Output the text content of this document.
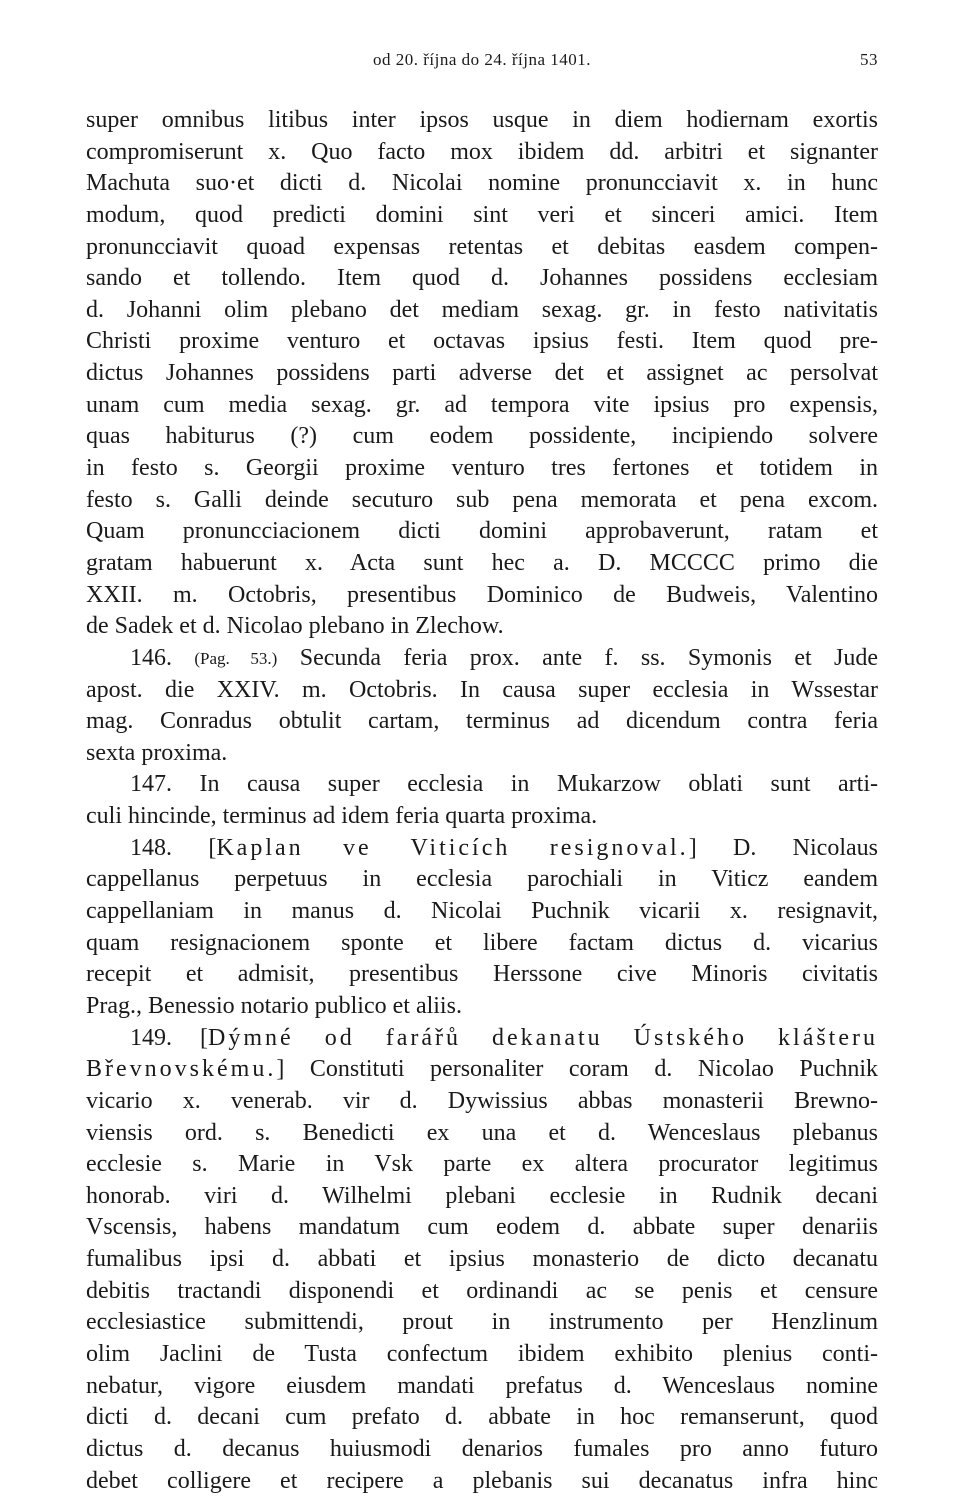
od 20. října do 24. října 1401.	53
super omnibus litibus inter ipsos usque in diem hodiernam exortis
compromiserunt x. Quo facto mox ibidem dd. arbitri et signanter
Machuta suo·et dicti d. Nicolai nomine pronuncciavit x. in hunc
modum, quod predicti domini sint veri et sinceri amici. Item
pronuncciavit quoad expensas retentas et debitas easdem compen-
sando et tollendo. Item quod d. Johannes possidens ecclesiam
d. Johanni olim plebano det mediam sexag. gr. in festo nativitatis
Christi proxime venturo et octavas ipsius festi. Item quod pre-
dictus Johannes possidens parti adverse det et assignet ac persolvat
unam cum media sexag. gr. ad tempora vite ipsius pro expensis,
quas habiturus (?) cum eodem possidente, incipiendo solvere
in festo s. Georgii proxime venturo tres fertones et totidem in
festo s. Galli deinde secuturo sub pena memorata et pena excom.
Quam pronuncciacionem dicti domini approbaverunt, ratam et
gratam habuerunt x. Acta sunt hec a. D. MCCCC primo die
XXII. m. Octobris, presentibus Dominico de Budweis, Valentino
de Sadek et d. Nicolao plebano in Zlechow.
146. (Pag. 53.) Secunda feria prox. ante f. ss. Symonis et Jude
apost. die XXIV. m. Octobris. In causa super ecclesia in Wssestar
mag. Conradus obtulit cartam, terminus ad dicendum contra feria
sexta proxima.
147. In causa super ecclesia in Mukarzow oblati sunt arti-
culi hincinde, terminus ad idem feria quarta proxima.
148. [Kaplan ve Viticích resignoval.] D. Nicolaus
cappellanus perpetuus in ecclesia parochiali in Viticz eandem
cappellaniam in manus d. Nicolai Puchnik vicarii x. resignavit,
quam resignacionem sponte et libere factam dictus d. vicarius
recepit et admisit, presentibus Herssone cive Minoris civitatis
Prag., Benessio notario publico et aliis.
149. [Dýmné od farářů dekanatu Ústského klášteru
Břevnovskému.] Constituti personaliter coram d. Nicolao Puchnik
vicario x. venerab. vir d. Dywissius abbas monasterii Brewno-
viensis ord. s. Benedicti ex una et d. Wenceslaus plebanus
ecclesie s. Marie in Vsk parte ex altera procurator legitimus
honorab. viri d. Wilhelmi plebani ecclesie in Rudnik decani
Vscensis, habens mandatum cum eodem d. abbate super denariis
fumalibus ipsi d. abbati et ipsius monasterio de dicto decanatu
debitis tractandi disponendi et ordinandi ac se penis et censure
ecclesiastice submittendi, prout in instrumento per Henzlinum
olim Jaclini de Tusta confectum ibidem exhibito plenius conti-
nebatur, vigore eiusdem mandati prefatus d. Wenceslaus nomine
dicti d. decani cum prefato d. abbate in hoc remanserunt, quod
dictus d. decanus huiusmodi denarios fumales pro anno futuro
debet colligere et recipere a plebanis sui decanatus infra hinc
